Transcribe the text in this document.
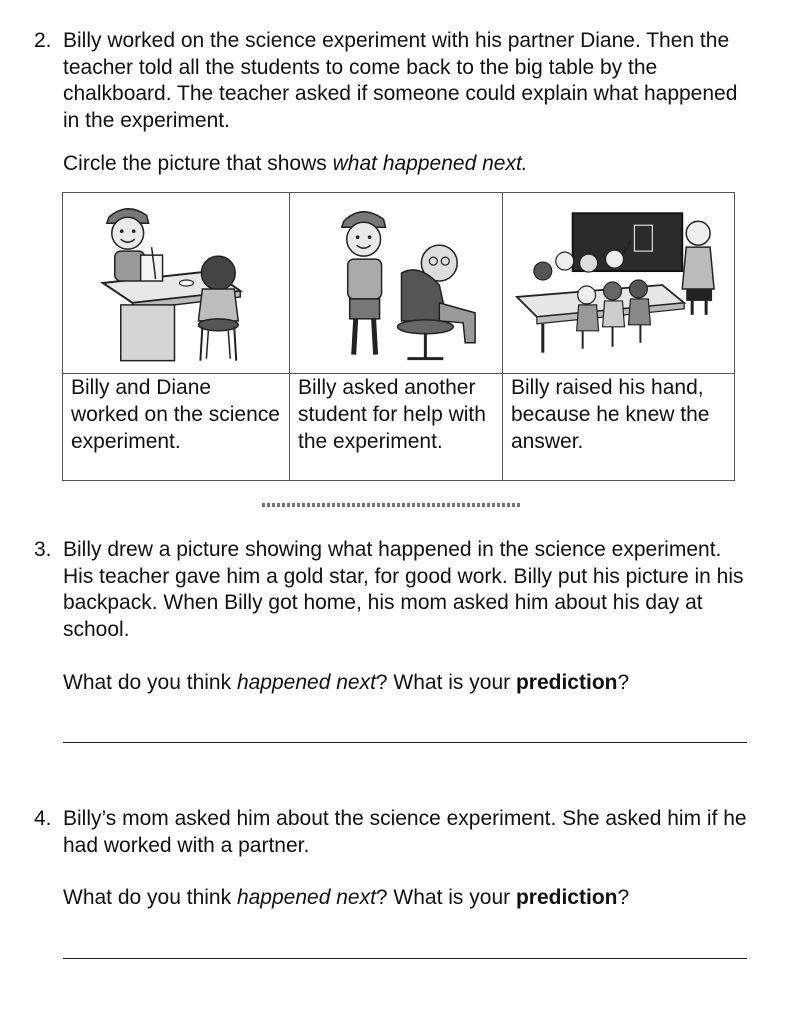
2. Billy worked on the science experiment with his partner Diane. Then the teacher told all the students to come back to the big table by the chalkboard. The teacher asked if someone could explain what happened in the experiment.
Circle the picture that shows what happened next.

Billy and Diane worked on the science experiment.	Billy asked another student for help with the experiment.	Billy raised his hand, because he knew the answer.
3. Billy drew a picture showing what happened in the science experiment. His teacher gave him a gold star, for good work. Billy put his picture in his backpack. When Billy got home, his mom asked him about his day at school.
What do you think happened next? What is your prediction?
4. Billy’s mom asked him about the science experiment. She asked him if he had worked with a partner.
What do you think happened next? What is your prediction?
